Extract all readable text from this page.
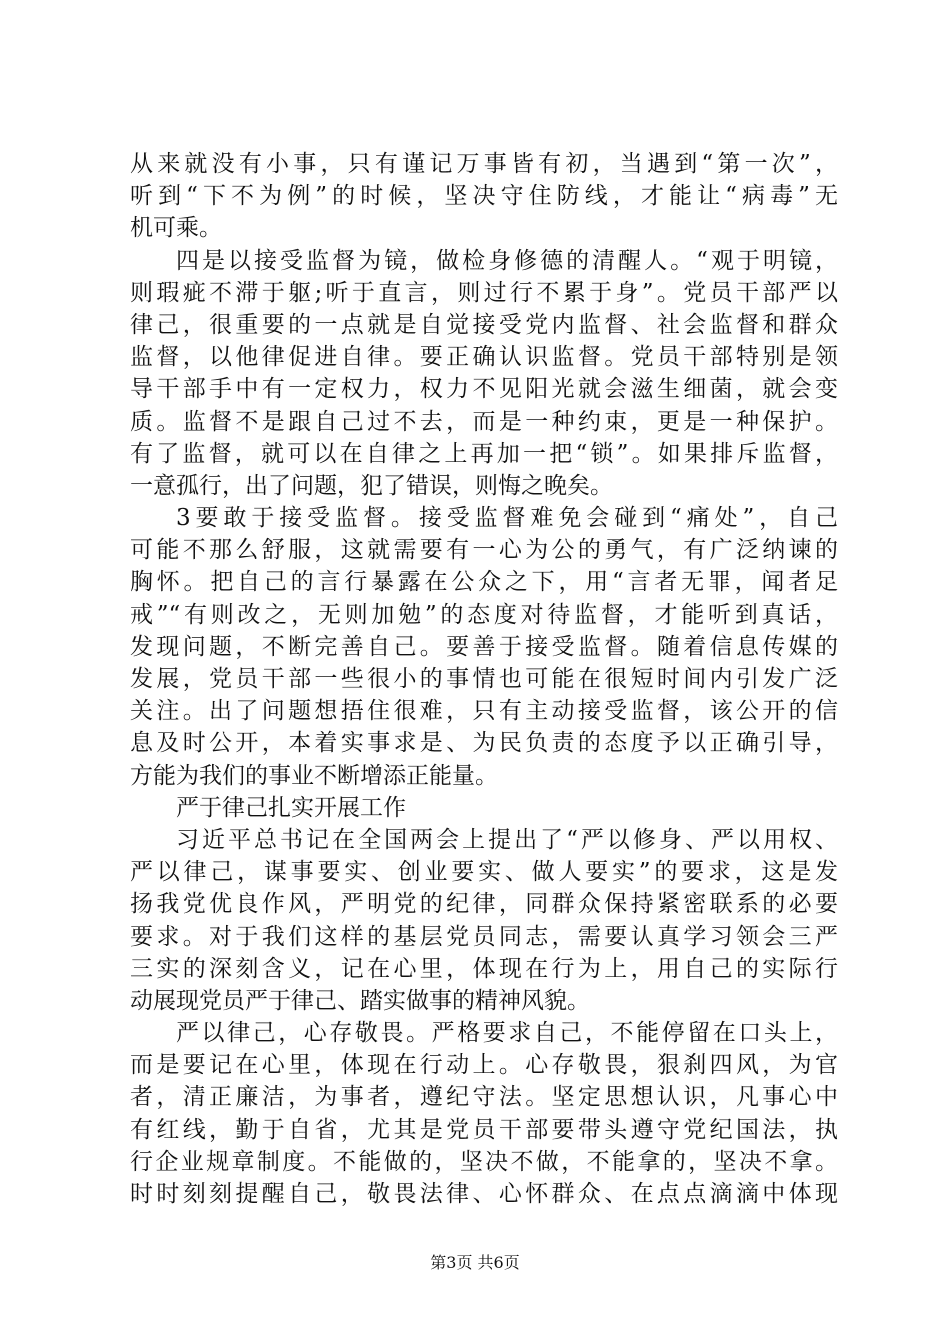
从来就没有小事，只有谨记万事皆有初，当遇到“第一次”，
听到“下不为例”的时候，坚决守住防线，才能让“病毒”无
机可乘。
四是以接受监督为镜，做检身修德的清醒人。“观于明镜，
则瑕疵不滞于躯;听于直言，则过行不累于身”。党员干部严以
律己，很重要的一点就是自觉接受党内监督、社会监督和群众
监督，以他律促进自律。要正确认识监督。党员干部特别是领
导干部手中有一定权力，权力不见阳光就会滋生细菌，就会变
质。监督不是跟自己过不去，而是一种约束，更是一种保护。
有了监督，就可以在自律之上再加一把“锁”。如果排斥监督，
一意孤行，出了问题，犯了错误，则悔之晚矣。
3要敢于接受监督。接受监督难免会碰到“痛处”，自己
可能不那么舒服，这就需要有一心为公的勇气，有广泛纳谏的
胸怀。把自己的言行暴露在公众之下，用“言者无罪，闻者足
戒”“有则改之，无则加勉”的态度对待监督，才能听到真话，
发现问题，不断完善自己。要善于接受监督。随着信息传媒的
发展，党员干部一些很小的事情也可能在很短时间内引发广泛
关注。出了问题想捂住很难，只有主动接受监督，该公开的信
息及时公开，本着实事求是、为民负责的态度予以正确引导，
方能为我们的事业不断增添正能量。
严于律己扎实开展工作
习近平总书记在全国两会上提出了“严以修身、严以用权、
严以律己，谋事要实、创业要实、做人要实”的要求，这是发
扬我党优良作风，严明党的纪律，同群众保持紧密联系的必要
要求。对于我们这样的基层党员同志，需要认真学习领会三严
三实的深刻含义，记在心里，体现在行为上，用自己的实际行
动展现党员严于律己、踏实做事的精神风貌。
严以律己，心存敬畏。严格要求自己，不能停留在口头上，
而是要记在心里，体现在行动上。心存敬畏，狠刹四风，为官
者，清正廉洁，为事者，遵纪守法。坚定思想认识，凡事心中
有红线，勤于自省，尤其是党员干部要带头遵守党纪国法，执
行企业规章制度。不能做的，坚决不做，不能拿的，坚决不拿。
时时刻刻提醒自己，敬畏法律、心怀群众、在点点滴滴中体现
第3页 共6页
